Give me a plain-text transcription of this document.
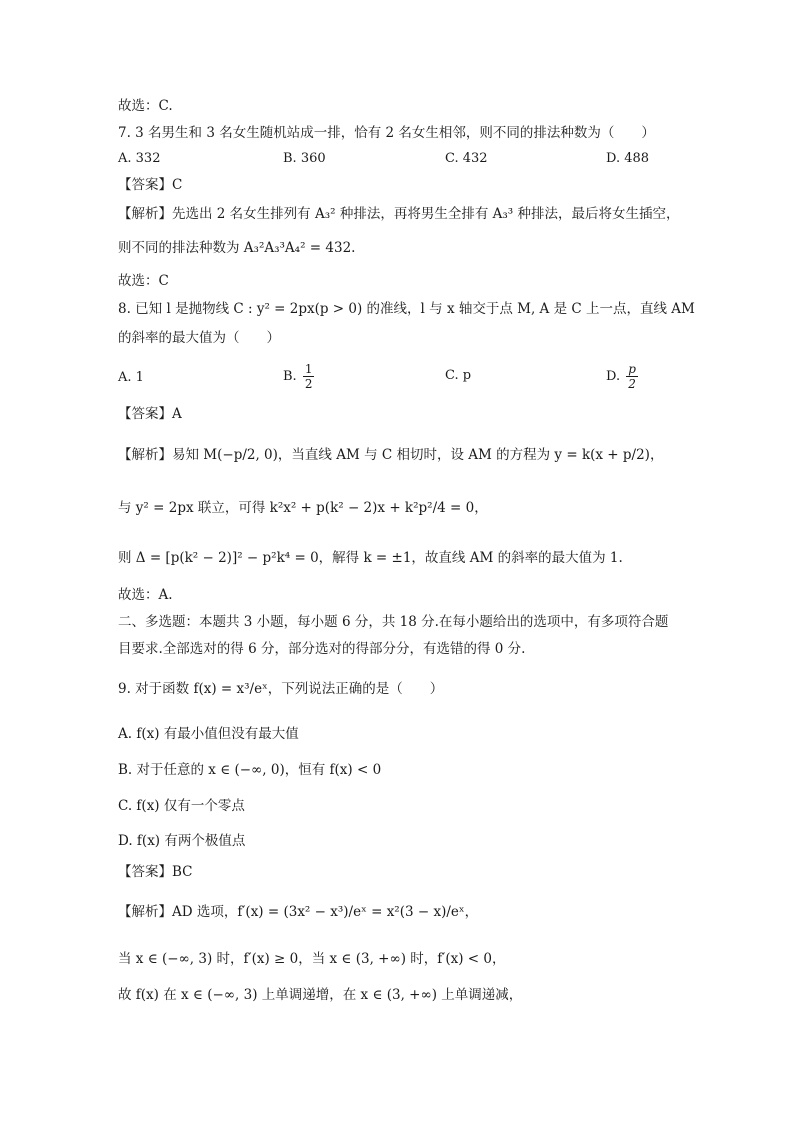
故选：C.
7. 3 名男生和 3 名女生随机站成一排，恰有 2 名女生相邻，则不同的排法种数为（　　）
A. 332	B. 360	C. 432	D. 488
【答案】C
【解析】先选出 2 名女生排列有 A₃² 种排法，再将男生全排有 A₃³ 种排法，最后将女生插空，
则不同的排法种数为 A₃²A₃³A₄² = 432.
故选：C
8. 已知 l 是抛物线 C : y² = 2px(p > 0) 的准线，l 与 x 轴交于点 M, A 是 C 上一点，直线 AM
的斜率的最大值为（　　）
A. 1	B. $\frac{1}{2}$	C. p	D. $\frac{p}{2}$
【答案】A
【解析】易知 M(−p/2, 0)，当直线 AM 与 C 相切时，设 AM 的方程为 y = k(x + p/2)，
与 y² = 2px 联立，可得 k²x² + p(k² − 2)x + k²p²/4 = 0，
则 Δ = [p(k² − 2)]² − p²k⁴ = 0，解得 k = ±1，故直线 AM 的斜率的最大值为 1.
故选：A.
二、多选题：本题共 3 小题，每小题 6 分，共 18 分.在每小题给出的选项中，有多项符合题
目要求.全部选对的得 6 分，部分选对的得部分分，有选错的得 0 分.
9. 对于函数 f(x) = x³/eˣ，下列说法正确的是（　　）
A. f(x) 有最小值但没有最大值
B. 对于任意的 x ∈ (−∞, 0)，恒有 f(x) < 0
C. f(x) 仅有一个零点
D. f(x) 有两个极值点
【答案】BC
【解析】AD 选项，f′(x) = (3x² − x³)/eˣ = x²(3 − x)/eˣ，
当 x ∈ (−∞, 3) 时，f′(x) ≥ 0，当 x ∈ (3, +∞) 时，f′(x) < 0，
故 f(x) 在 x ∈ (−∞, 3) 上单调递增，在 x ∈ (3, +∞) 上单调递减，
